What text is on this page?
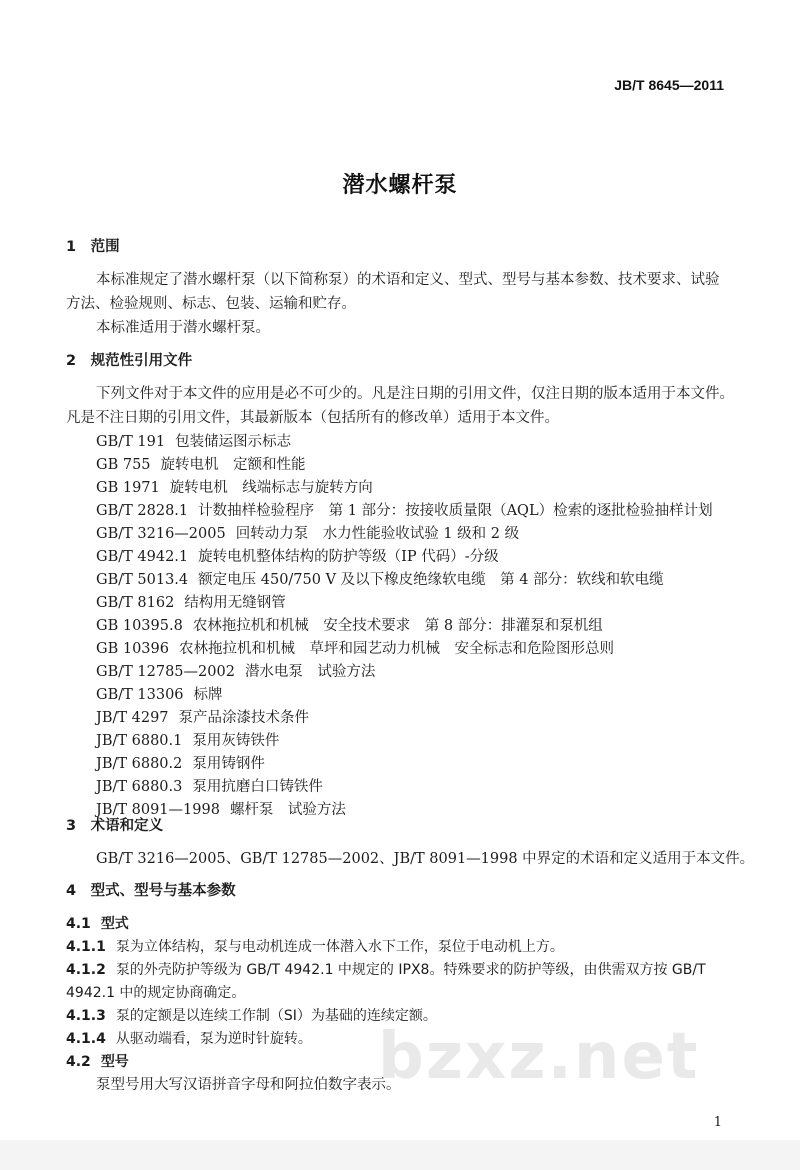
JB/T 8645—2011
潜水螺杆泵
1　范围
本标准规定了潜水螺杆泵（以下简称泵）的术语和定义、型式、型号与基本参数、技术要求、试验
方法、检验规则、标志、包装、运输和贮存。
本标准适用于潜水螺杆泵。
2　规范性引用文件
下列文件对于本文件的应用是必不可少的。凡是注日期的引用文件，仅注日期的版本适用于本文件。
凡是不注日期的引用文件，其最新版本（包括所有的修改单）适用于本文件。
GB/T 191 包装储运图示标志
GB 755 旋转电机　定额和性能
GB 1971 旋转电机　线端标志与旋转方向
GB/T 2828.1 计数抽样检验程序　第 1 部分：按接收质量限（AQL）检索的逐批检验抽样计划
GB/T 3216—2005 回转动力泵　水力性能验收试验 1 级和 2 级
GB/T 4942.1 旋转电机整体结构的防护等级（IP 代码）-分级
GB/T 5013.4 额定电压 450/750 V 及以下橡皮绝缘软电缆　第 4 部分：软线和软电缆
GB/T 8162 结构用无缝钢管
GB 10395.8 农林拖拉机和机械　安全技术要求　第 8 部分：排灌泵和泵机组
GB 10396 农林拖拉机和机械　草坪和园艺动力机械　安全标志和危险图形总则
GB/T 12785—2002 潜水电泵　试验方法
GB/T 13306 标牌
JB/T 4297 泵产品涂漆技术条件
JB/T 6880.1 泵用灰铸铁件
JB/T 6880.2 泵用铸钢件
JB/T 6880.3 泵用抗磨白口铸铁件
JB/T 8091—1998 螺杆泵　试验方法
3　术语和定义
GB/T 3216—2005、GB/T 12785—2002、JB/T 8091—1998 中界定的术语和定义适用于本文件。
4　型式、型号与基本参数
4.1 型式
4.1.1 泵为立体结构，泵与电动机连成一体潜入水下工作，泵位于电动机上方。
4.1.2 泵的外壳防护等级为 GB/T 4942.1 中规定的 IPX8。特殊要求的防护等级，由供需双方按 GB/T
4942.1 中的规定协商确定。
4.1.3 泵的定额是以连续工作制（SI）为基础的连续定额。
4.1.4 从驱动端看，泵为逆时针旋转。
4.2 型号
泵型号用大写汉语拼音字母和阿拉伯数字表示。
bzxz.net
1
